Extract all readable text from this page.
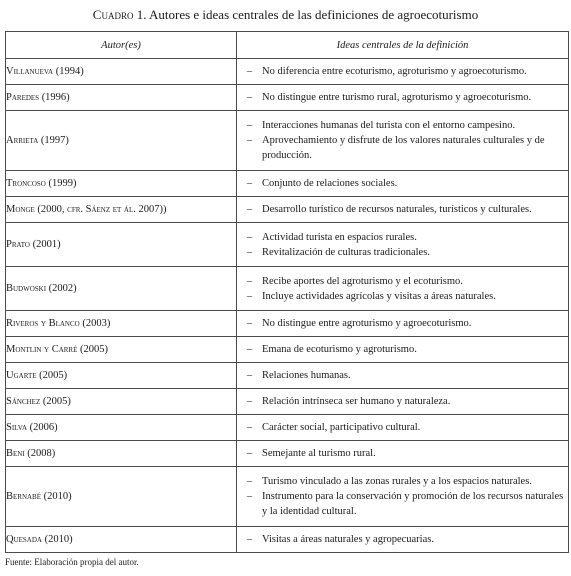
Cuadro 1. Autores e ideas centrales de las definiciones de agroecoturismo
Autor(es)	Ideas centrales de la definición
Villanueva (1994)	– No diferencia entre ecoturismo, agroturismo y agroecoturismo.

Paredes (1996)	– No distingue entre turismo rural, agroturismo y agroecoturismo.

Arrieta (1997)	– Interacciones humanas del turista con el entorno campesino.
– Aprovechamiento y disfrute de los valores naturales culturales y de producción.

Troncoso (1999)	– Conjunto de relaciones sociales.

Monge (2000, cfr. Sáenz et ál. 2007))	– Desarrollo turístico de recursos naturales, turísticos y culturales.

Prato (2001)	– Actividad turista en espacios rurales.
– Revitalización de culturas tradicionales.

Budwoski (2002)	– Recibe aportes del agroturismo y el ecoturismo.
– Incluye actividades agrícolas y visitas a áreas naturales.

Riveros y Blanco (2003)	– No distingue entre agroturismo y agroecoturismo.

Montlin y Carré (2005)	– Emana de ecoturismo y agroturismo.

Ugarte (2005)	– Relaciones humanas.

Sánchez (2005)	– Relación intrínseca ser humano y naturaleza.

Silva (2006)	– Carácter social, participativo cultural.

Beni (2008)	– Semejante al turismo rural.

Bernabé (2010)	– Turismo vinculado a las zonas rurales y a los espacios naturales.
– Instrumento para la conservación y promoción de los recursos naturales y la identidad cultural.

Quesada (2010)	– Visitas a áreas naturales y agropecuarias.
Fuente: Elaboración propia del autor.
